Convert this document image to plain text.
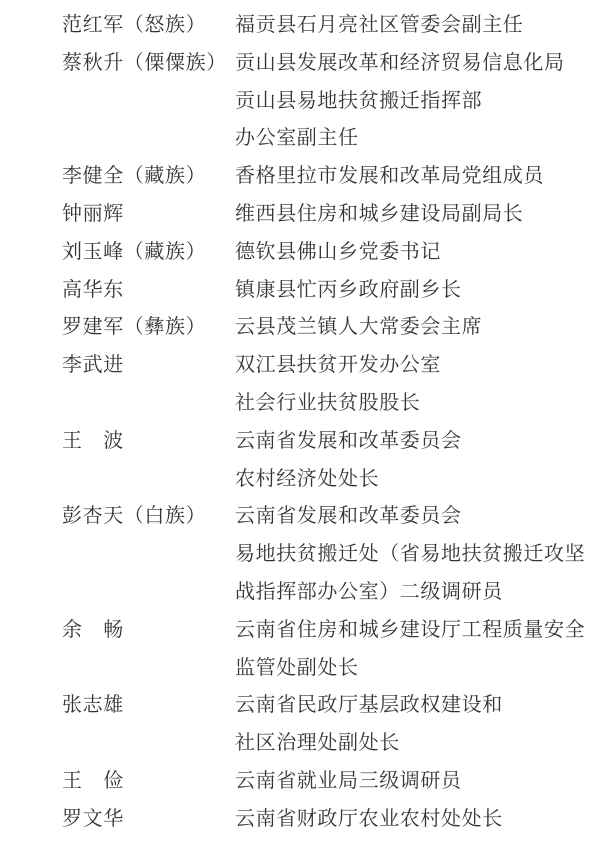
范红军（怒族）	福贡县石月亮社区管委会副主任
蔡秋升（傈僳族） 贡山县发展改革和经济贸易信息化局
贡山县易地扶贫搬迁指挥部
办公室副主任
李健全（藏族）	香格里拉市发展和改革局党组成员
钟丽辉	维西县住房和城乡建设局副局长
刘玉峰（藏族）	德钦县佛山乡党委书记
高华东	镇康县忙丙乡政府副乡长
罗建军（彝族）	云县茂兰镇人大常委会主席
李武进	双江县扶贫开发办公室
社会行业扶贫股股长
王　波	云南省发展和改革委员会
农村经济处处长
彭杏天（白族）	云南省发展和改革委员会
易地扶贫搬迁处（省易地扶贫搬迁攻坚
战指挥部办公室）二级调研员
余　畅	云南省住房和城乡建设厅工程质量安全
监管处副处长
张志雄	云南省民政厅基层政权建设和
社区治理处副处长
王　俭	云南省就业局三级调研员
罗文华	云南省财政厅农业农村处处长
